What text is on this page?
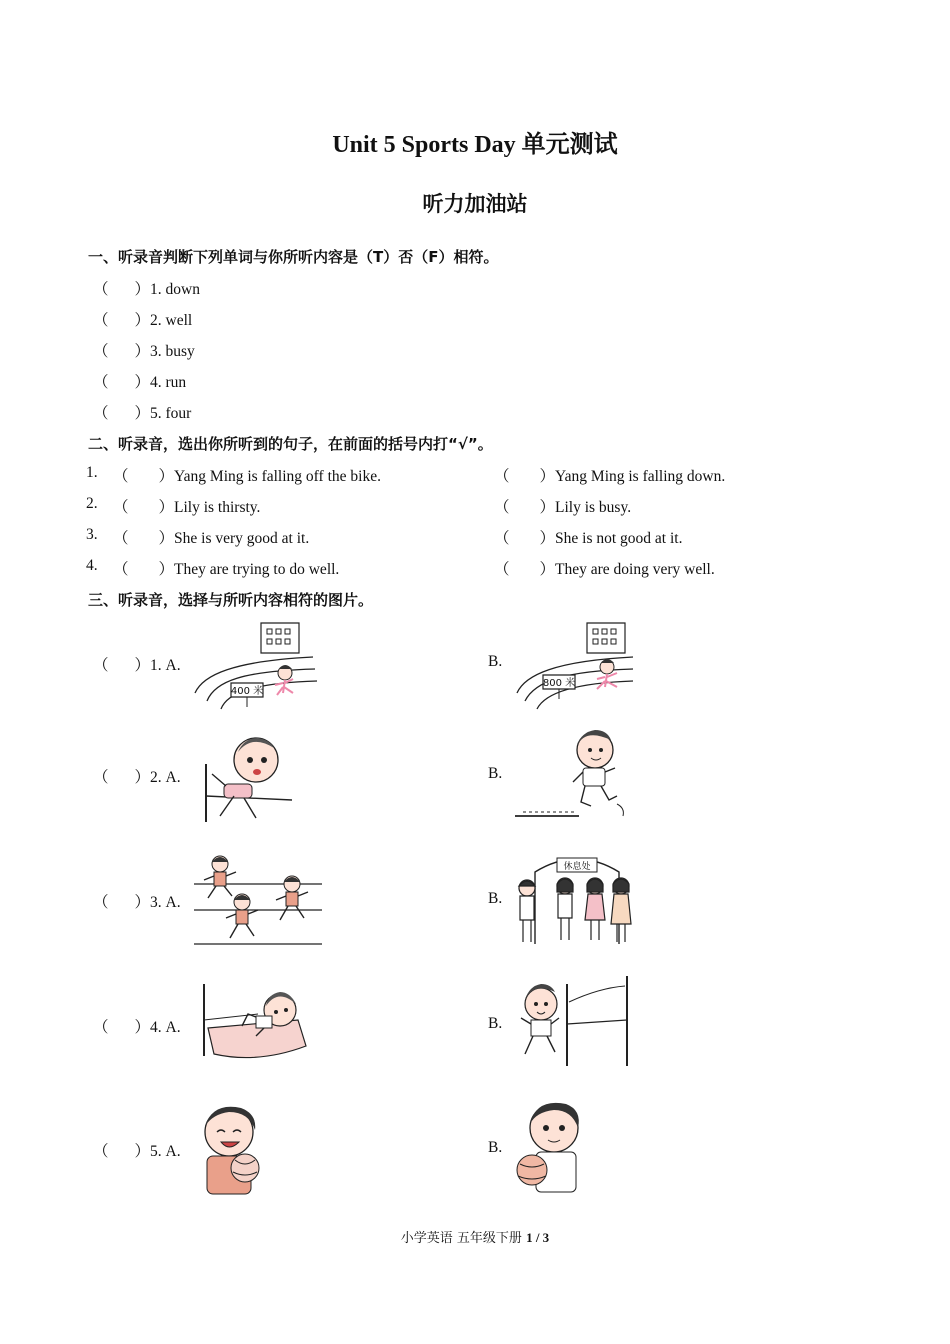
Unit 5 Sports Day 单元测试
听力加油站
一、听录音判断下列单词与你所听内容是（T）否（F）相符。
（ ）1. down
（ ）2. well
（ ）3. busy
（ ）4. run
（ ）5. four
二、听录音，选出你所听到的句子，在前面的括号内打“√”。
1. （ ）Yang Ming is falling off the bike.	（ ）Yang Ming is falling down.
2. （ ）Lily is thirsty.	（ ）Lily is busy.
3. （ ）She is very good at it.	（ ）She is not good at it.
4. （ ）They are trying to do well.	（ ）They are doing very well.
三、听录音，选择与所听内容相符的图片。
（ ）1. A.	B.
400 米
800 米
（ ）2. A.	B.
（ ）3. A.	B.
休息处
（ ）4. A.	B.
（ ）5. A.	B.
小学英语 五年级下册 1 / 3
